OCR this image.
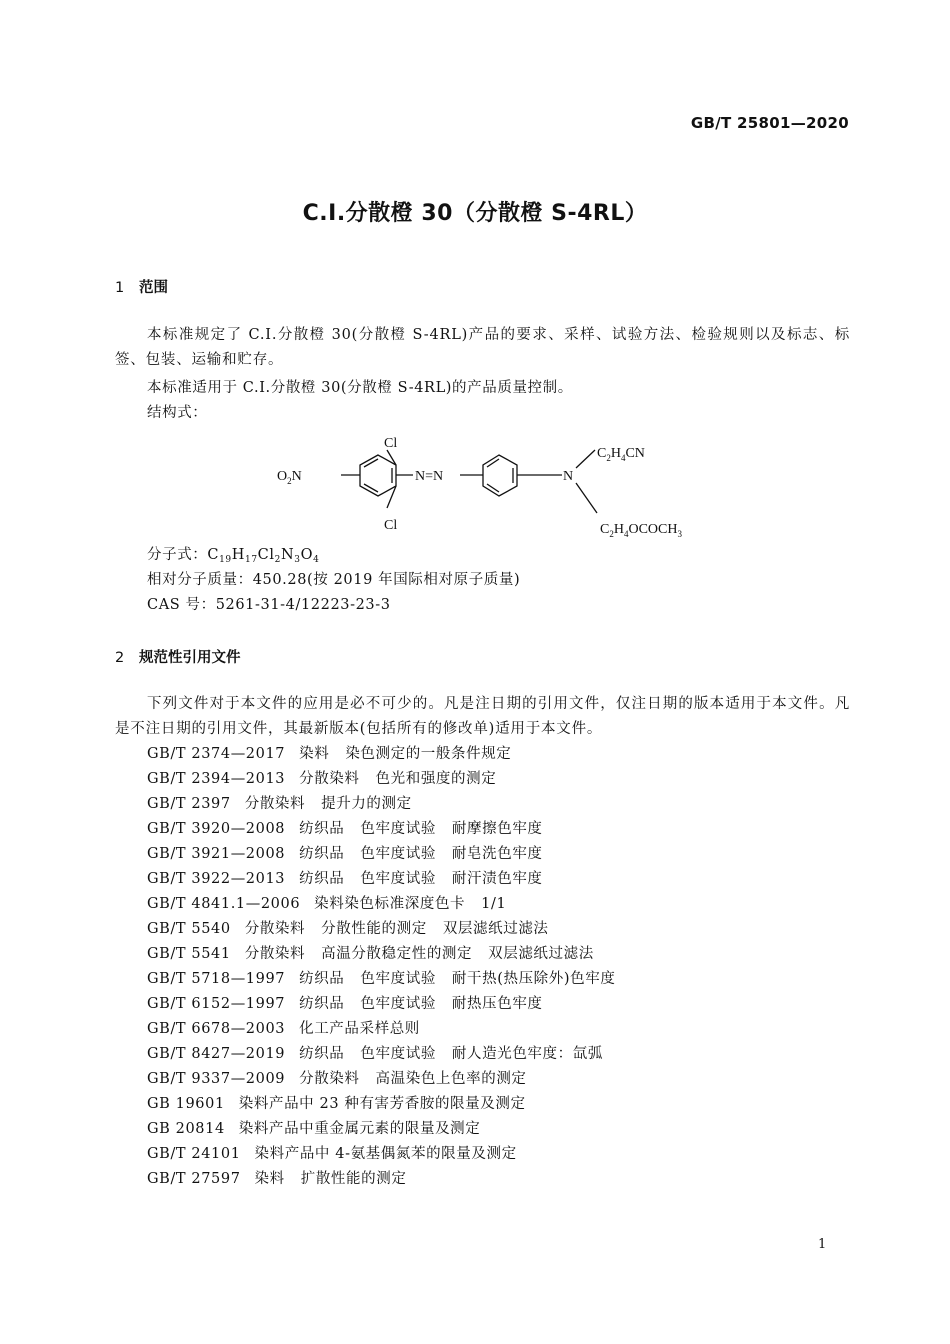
GB/T 25801—2020
C.I.分散橙 30（分散橙 S-4RL）
1 范围
本标准规定了 C.I.分散橙 30(分散橙 S-4RL)产品的要求、采样、试验方法、检验规则以及标志、标签、包装、运输和贮存。
本标准适用于 C.I.分散橙 30(分散橙 S-4RL)的产品质量控制。
结构式：
Cl
Cl
$O_2N$	N=N	N
$C_2H_4CN$
$C_2H_4OCOCH_3$
分子式：$C_{19}H_{17}Cl_2N_3O_4$
相对分子质量：450.28(按 2019 年国际相对原子质量)
CAS 号：5261-31-4/12223-23-3
2 规范性引用文件
下列文件对于本文件的应用是必不可少的。凡是注日期的引用文件，仅注日期的版本适用于本文件。凡是不注日期的引用文件，其最新版本(包括所有的修改单)适用于本文件。
GB/T 2374—2017 染料 染色测定的一般条件规定
GB/T 2394—2013 分散染料 色光和强度的测定
GB/T 2397 分散染料 提升力的测定
GB/T 3920—2008 纺织品 色牢度试验 耐摩擦色牢度
GB/T 3921—2008 纺织品 色牢度试验 耐皂洗色牢度
GB/T 3922—2013 纺织品 色牢度试验 耐汗渍色牢度
GB/T 4841.1—2006 染料染色标准深度色卡 1/1
GB/T 5540 分散染料 分散性能的测定 双层滤纸过滤法
GB/T 5541 分散染料 高温分散稳定性的测定 双层滤纸过滤法
GB/T 5718—1997 纺织品 色牢度试验 耐干热(热压除外)色牢度
GB/T 6152—1997 纺织品 色牢度试验 耐热压色牢度
GB/T 6678—2003 化工产品采样总则
GB/T 8427—2019 纺织品 色牢度试验 耐人造光色牢度：氙弧
GB/T 9337—2009 分散染料 高温染色上色率的测定
GB 19601 染料产品中 23 种有害芳香胺的限量及测定
GB 20814 染料产品中重金属元素的限量及测定
GB/T 24101 染料产品中 4-氨基偶氮苯的限量及测定
GB/T 27597 染料 扩散性能的测定
1
